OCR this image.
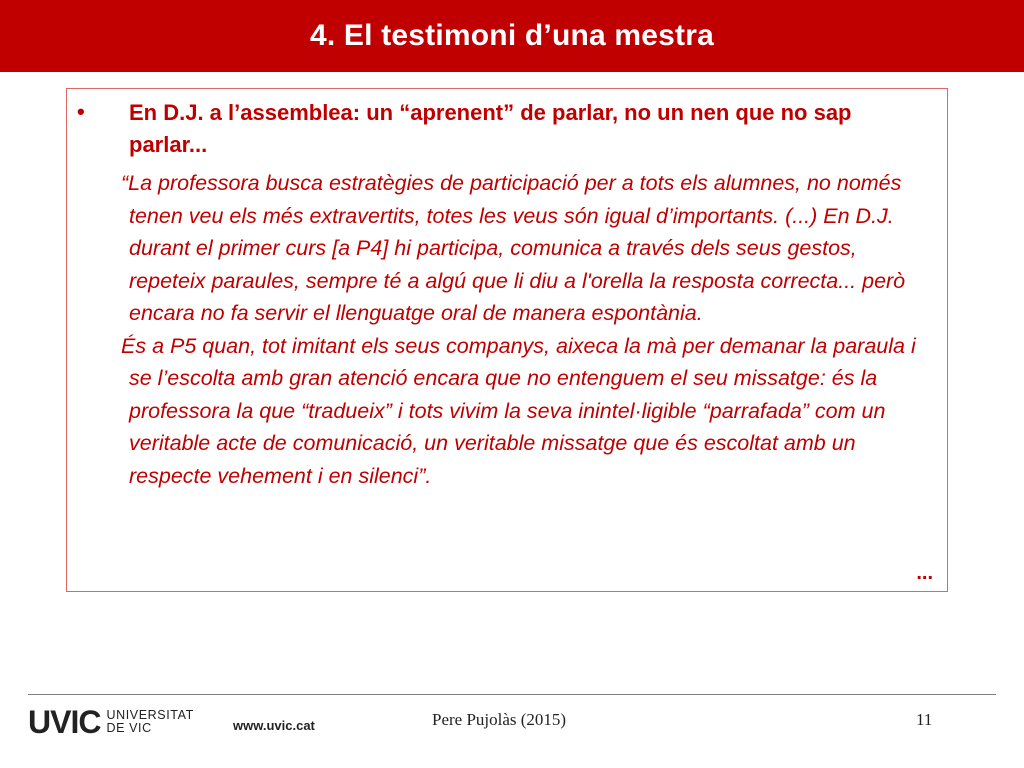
4. El testimoni d’una mestra
• En D.J. a l’assemblea: un “aprenent” de parlar, no un nen que no sap parlar...
“La professora busca estratègies de participació per a tots els alumnes, no només tenen veu els més extravertits, totes les veus són igual d’importants. (...) En D.J. durant el primer curs [a P4] hi participa, comunica a través dels seus gestos, repeteix paraules, sempre té a algú que li diu a l'orella la resposta correcta... però encara no fa servir el llenguatge oral de manera espontània.
És a P5 quan, tot imitant els seus companys, aixeca la mà per demanar la paraula i se l’escolta amb gran atenció encara que no entenguem el seu missatge: és la professora la que “tradueix” i tots vivim la seva inintel·ligible “parrafada” com un veritable acte de comunicació, un veritable missatge que és escoltat amb un respecte vehement i en silenci”.
...
UVIC UNIVERSITAT
DE VIC	www.uvic.cat	Pere Pujolàs (2015)	11
